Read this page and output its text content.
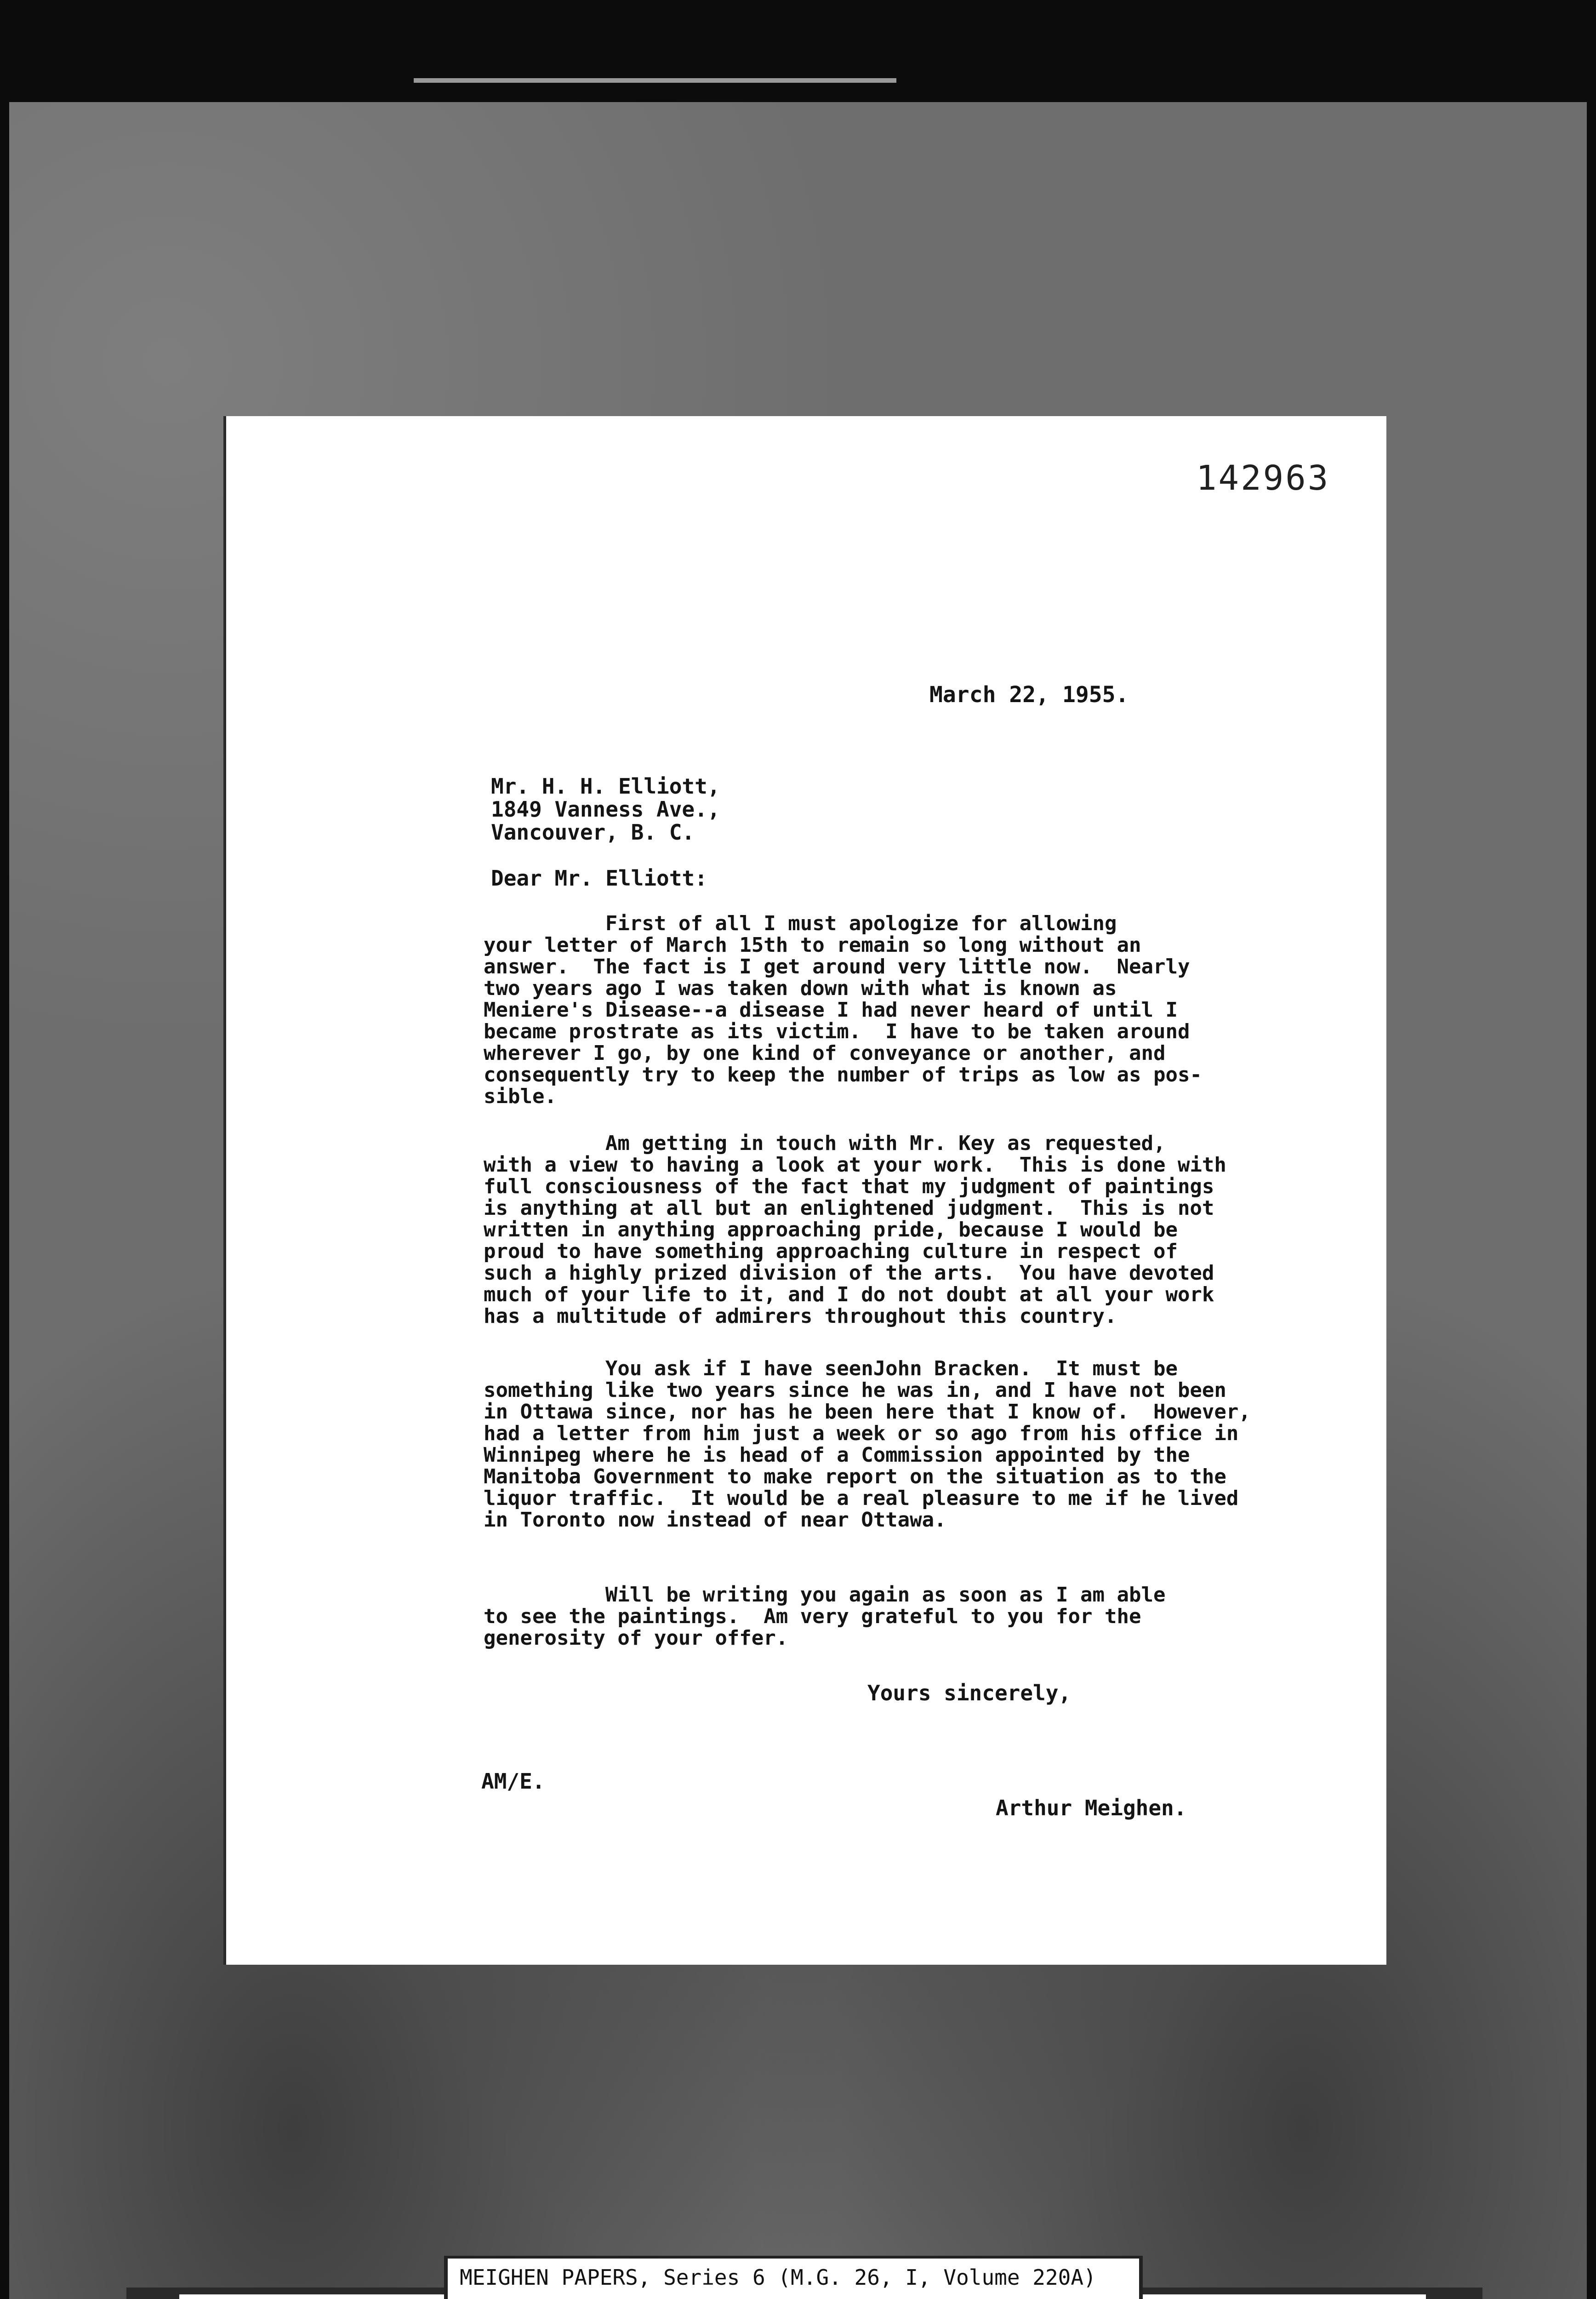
142963
March 22, 1955.
Mr. H. H. Elliott,
1849 Vanness Ave.,
Vancouver, B. C.
Dear Mr. Elliott:
First of all I must apologize for allowing
your letter of March 15th to remain so long without an
answer.  The fact is I get around very little now.  Nearly
two years ago I was taken down with what is known as
Meniere's Disease--a disease I had never heard of until I
became prostrate as its victim.  I have to be taken around
wherever I go, by one kind of conveyance or another, and
consequently try to keep the number of trips as low as pos-
sible.
Am getting in touch with Mr. Key as requested,
with a view to having a look at your work.  This is done with
full consciousness of the fact that my judgment of paintings
is anything at all but an enlightened judgment.  This is not
written in anything approaching pride, because I would be
proud to have something approaching culture in respect of
such a highly prized division of the arts.  You have devoted
much of your life to it, and I do not doubt at all your work
has a multitude of admirers throughout this country.
You ask if I have seenJohn Bracken.  It must be
something like two years since he was in, and I have not been
in Ottawa since, nor has he been here that I know of.  However,
had a letter from him just a week or so ago from his office in
Winnipeg where he is head of a Commission appointed by the
Manitoba Government to make report on the situation as to the
liquor traffic.  It would be a real pleasure to me if he lived
in Toronto now instead of near Ottawa.
Will be writing you again as soon as I am able
to see the paintings.  Am very grateful to you for the
generosity of your offer.
Yours sincerely,
AM/E.
Arthur Meighen.
MEIGHEN PAPERS, Series 6 (M.G. 26, I, Volume 220A)
